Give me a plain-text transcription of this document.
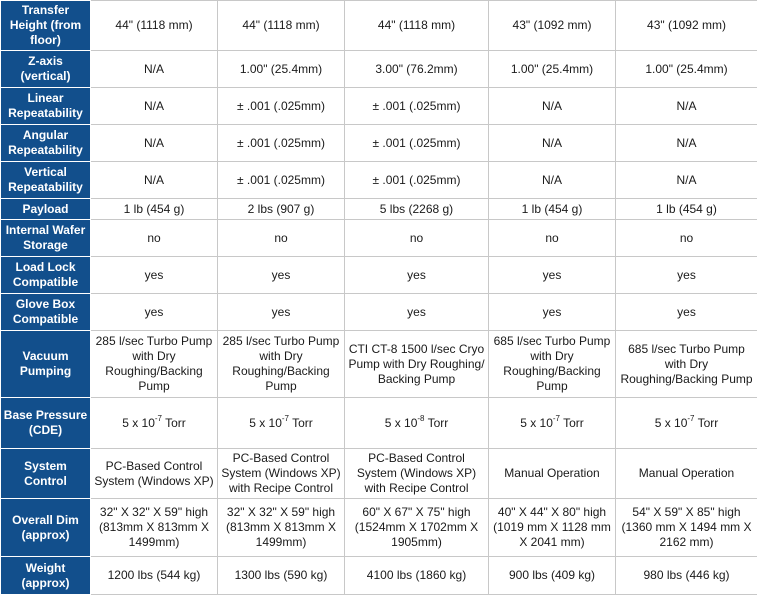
Transfer Height (from floor)	44" (1118 mm)	44" (1118 mm)	44" (1118 mm)	43" (1092 mm)	43" (1092 mm)
Z-axis (vertical)	N/A	1.00" (25.4mm)	3.00" (76.2mm)	1.00" (25.4mm)	1.00" (25.4mm)
Linear Repeatability	N/A	± .001 (.025mm)	± .001 (.025mm)	N/A	N/A
Angular Repeatability	N/A	± .001 (.025mm)	± .001 (.025mm)	N/A	N/A
Vertical Repeatability	N/A	± .001 (.025mm)	± .001 (.025mm)	N/A	N/A
Payload	1 lb (454 g)	2 lbs (907 g)	5 lbs (2268 g)	1 lb (454 g)	1 lb (454 g)
Internal Wafer Storage	no	no	no	no	no
Load Lock Compatible	yes	yes	yes	yes	yes
Glove Box Compatible	yes	yes	yes	yes	yes
Vacuum Pumping	285 l/sec Turbo Pump with Dry Roughing/Backing Pump	285 l/sec Turbo Pump with Dry Roughing/Backing Pump	CTI CT-8 1500 l/sec Cryo Pump with Dry Roughing/ Backing Pump	685 l/sec Turbo Pump with Dry Roughing/Backing Pump	685 l/sec Turbo Pump with Dry Roughing/Backing Pump
Base Pressure (CDE)	5 x $10^{-7}$ Torr	5 x $10^{-7}$ Torr	5 x $10^{-8}$ Torr	5 x $10^{-7}$ Torr	5 x $10^{-7}$ Torr
System Control	PC-Based Control System (Windows XP)	PC-Based Control System (Windows XP) with Recipe Control	PC-Based Control System (Windows XP) with Recipe Control	Manual Operation	Manual Operation
Overall Dim (approx)	32" X 32" X 59" high (813mm X 813mm X 1499mm)	32" X 32" X 59" high (813mm X 813mm X 1499mm)	60" X 67" X 75" high (1524mm X 1702mm X 1905mm)	40" X 44" X 80" high (1019 mm X 1128 mm X 2041 mm)	54" X 59" X 85" high (1360 mm X 1494 mm X 2162 mm)
Weight (approx)	1200 lbs (544 kg)	1300 lbs (590 kg)	4100 lbs (1860 kg)	900 lbs (409 kg)	980 lbs (446 kg)
